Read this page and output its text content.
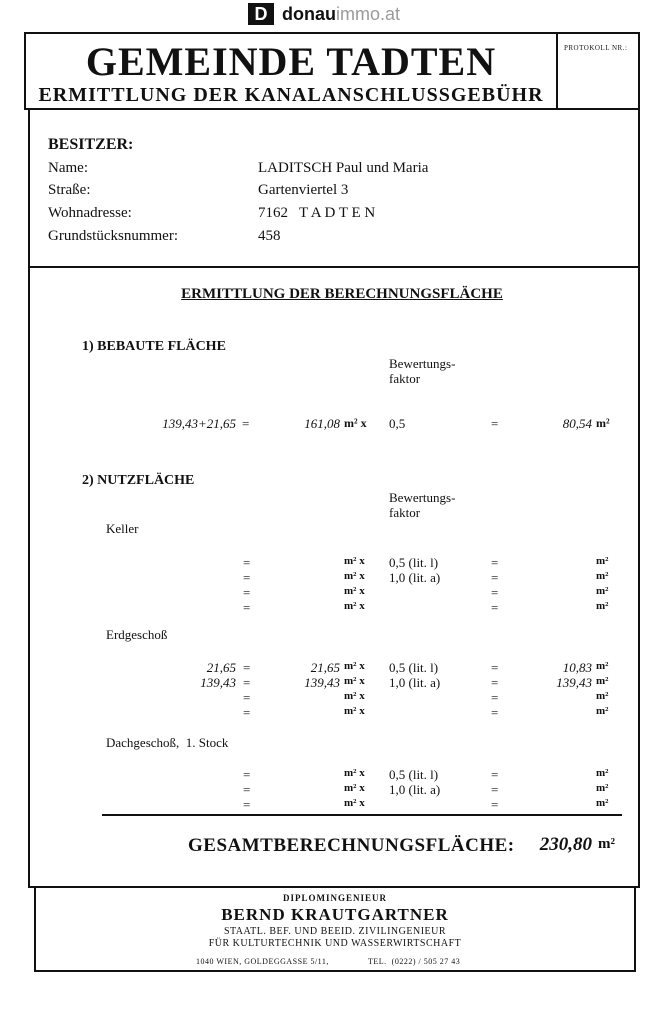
D donauimmo.at
GEMEINDE TADTEN
ERMITTLUNG DER KANALANSCHLUSSGEBÜHR
PROTOKOLL NR.:
BESITZER:
Name:	LADITSCH Paul und Maria
Straße:	Gartenviertel 3
Wohnadresse:	7162   T A D T E N
Grundstücksnummer:	458
ERMITTLUNG DER BERECHNUNGSFLÄCHE
1) BEBAUTE FLÄCHE
Bewertungs-
faktor
139,43+21,65 =	161,08 m² x 0,5	=	80,54 m²
2) NUTZFLÄCHE
Bewertungs-
faktor
Keller
Erdgeschoß
Dachgeschoß,  1. Stock
=	m² x	0,5 (lit. l)	=	m²
=	m² x	1,0 (lit. a)	=	m²
=	m² x	=	m²
=	m² x	=	m²
21,65 =	21,65 m² x	0,5 (lit. l)	=	10,83 m²
139,43 =	139,43 m² x	1,0 (lit. a)	=	139,43 m²
=	m² x	=	m²
=	m² x	=	m²
=	m² x	0,5 (lit. l)	=	m²
=	m² x	1,0 (lit. a)	=	m²
=	m² x	=	m²
GESAMTBERECHNUNGSFLÄCHE:	230,80 m²
DIPLOMINGENIEUR
BERND KRAUTGARTNER
STAATL. BEF. UND BEEID. ZIVILINGENIEUR
FÜR KULTURTECHNIK UND WASSERWIRTSCHAFT
1040 WIEN, GOLDEGGASSE 5/11,	TEL.  (0222) / 505 27 43
